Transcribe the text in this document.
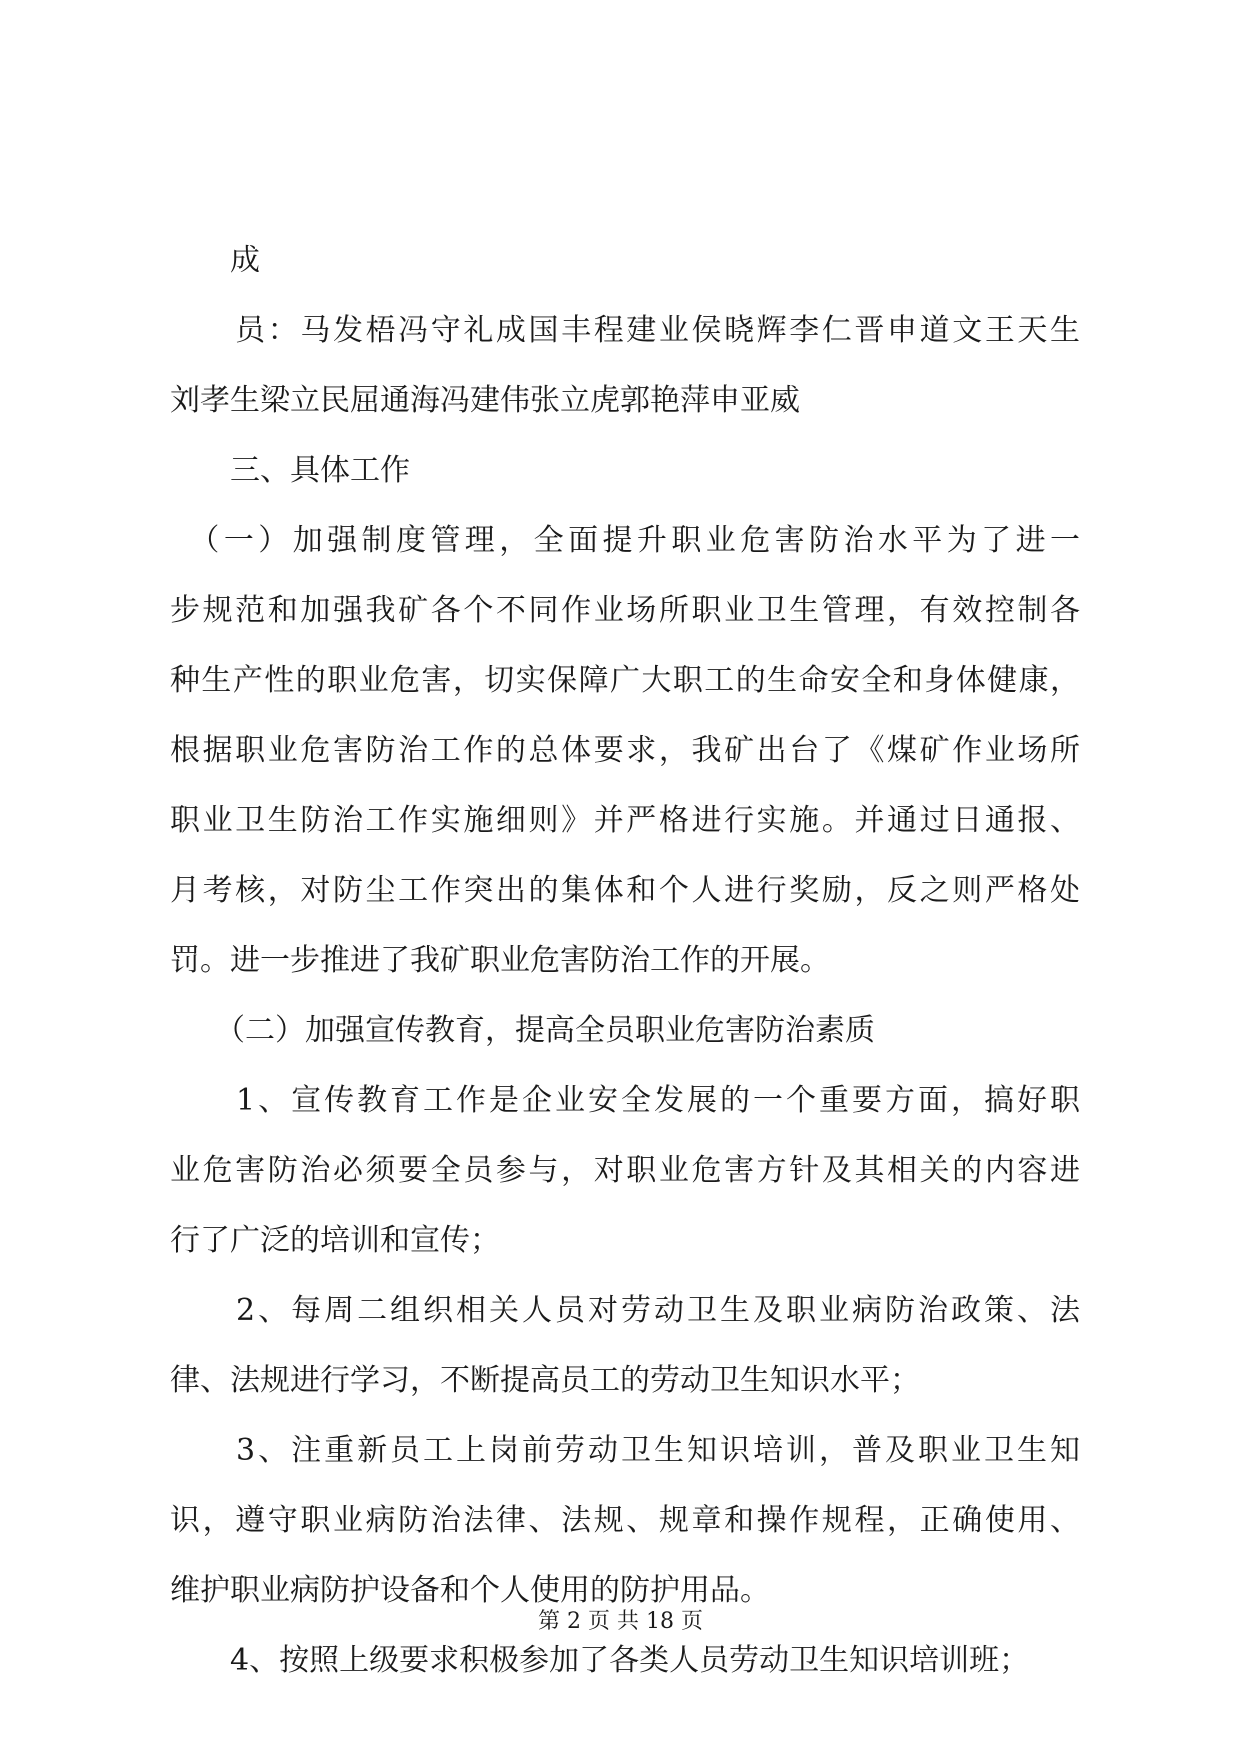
　　成
　　员：马发梧冯守礼成国丰程建业侯晓辉李仁晋申道文王天生
刘孝生梁立民屈通海冯建伟张立虎郭艳萍申亚威
　　三、具体工作
　（一）加强制度管理，全面提升职业危害防治水平为了进一
步规范和加强我矿各个不同作业场所职业卫生管理，有效控制各
种生产性的职业危害，切实保障广大职工的生命安全和身体健康，
根据职业危害防治工作的总体要求，我矿出台了《煤矿作业场所
职业卫生防治工作实施细则》并严格进行实施。并通过日通报、
月考核，对防尘工作突出的集体和个人进行奖励，反之则严格处
罚。进一步推进了我矿职业危害防治工作的开展。
　　（二）加强宣传教育，提高全员职业危害防治素质
　　1、宣传教育工作是企业安全发展的一个重要方面，搞好职
业危害防治必须要全员参与，对职业危害方针及其相关的内容进
行了广泛的培训和宣传；
　　2、每周二组织相关人员对劳动卫生及职业病防治政策、法
律、法规进行学习，不断提高员工的劳动卫生知识水平；
　　3、注重新员工上岗前劳动卫生知识培训，普及职业卫生知
识，遵守职业病防治法律、法规、规章和操作规程，正确使用、
维护职业病防护设备和个人使用的防护用品。
　　4、按照上级要求积极参加了各类人员劳动卫生知识培训班；
第 2 页 共 18 页
